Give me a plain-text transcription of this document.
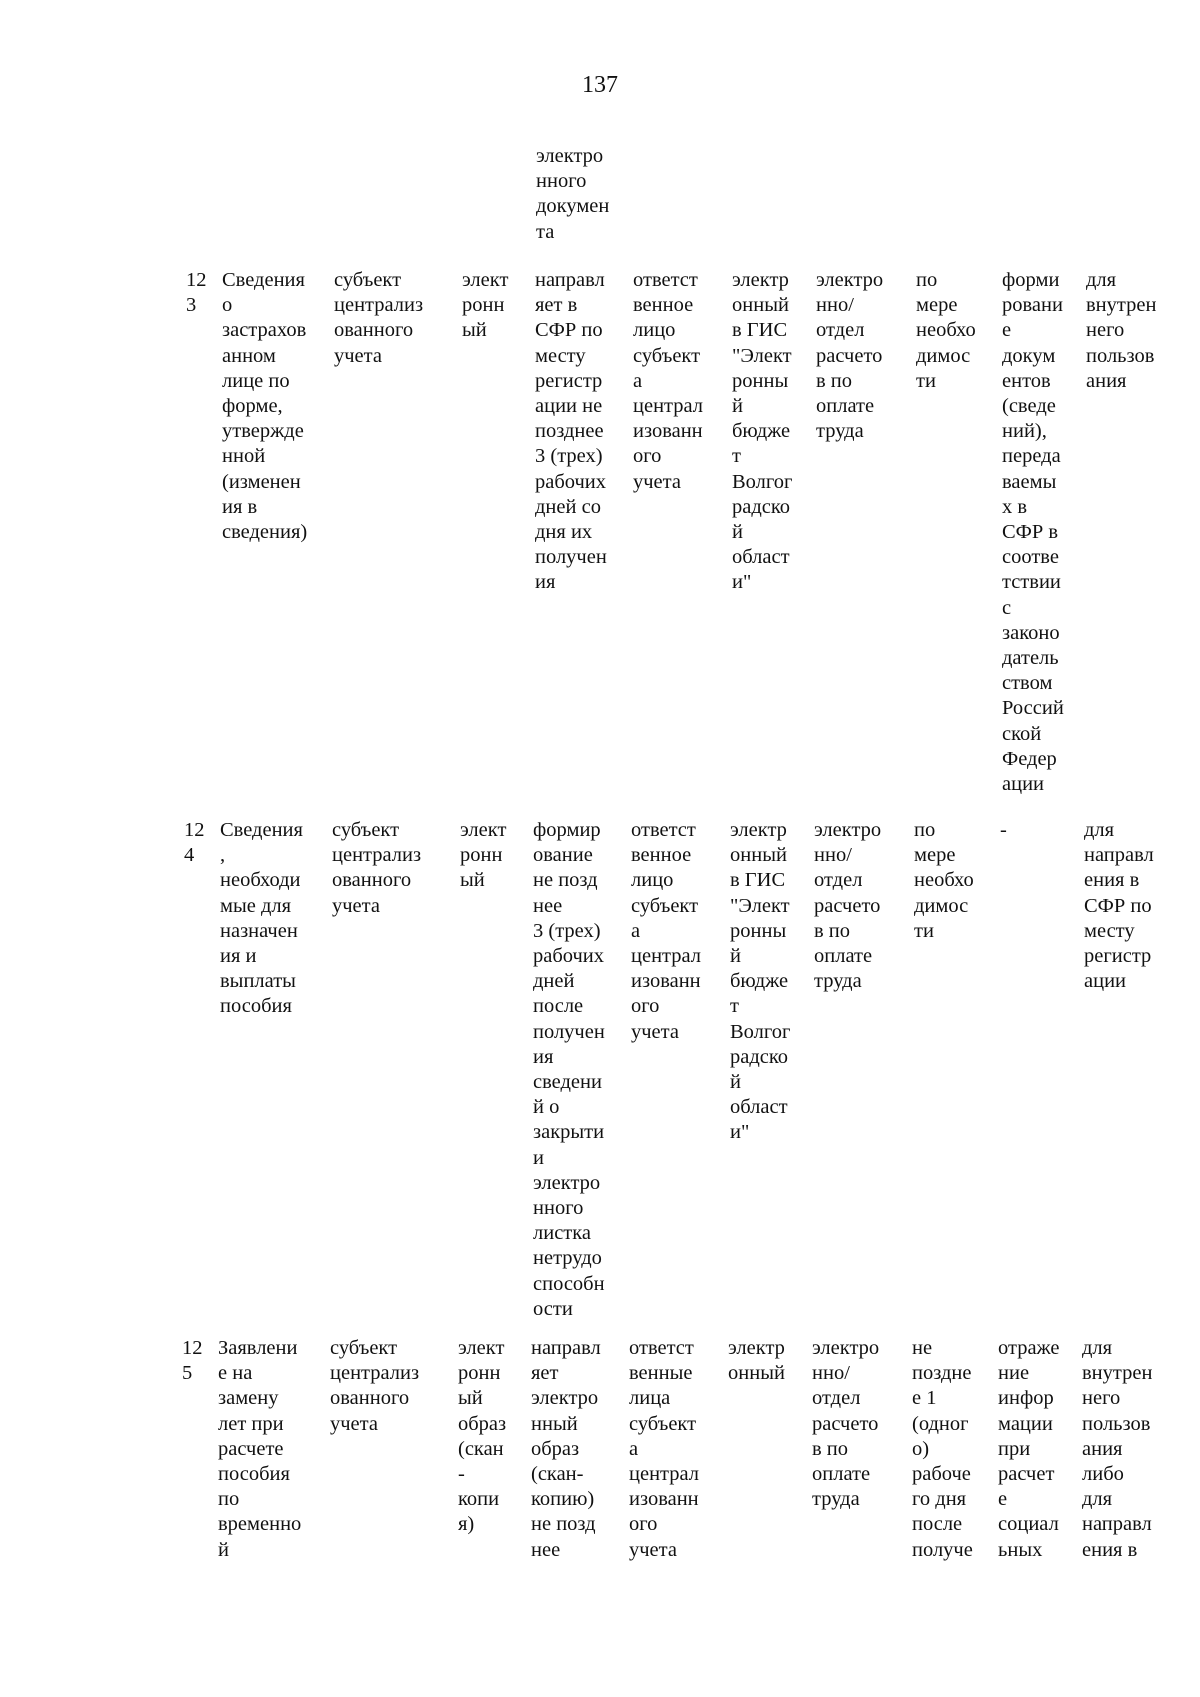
137
электро
нного
докумен
та
12
3
Сведения
о
застрахов
анном
лице по
форме,
утвержде
нной
(изменен
ия в
сведения)
субъект
централиз
ованного
учета
элект
ронн
ый
направл
яет в
СФР по
месту
регистр
ации не
позднее
3 (трех)
рабочих
дней со
дня их
получен
ия
ответст
венное
лицо
субъект
а
централ
изованн
ого
учета
электр
онный
в ГИС
"Элект
ронны
й
бюдже
т
Волгог
радско
й
област
и"
электро
нно/
отдел
расчето
в по
оплате
труда
по
мере
необхо
димос
ти
форми
ровани
е
докум
ентов
(сведе
ний),
переда
ваемы
х в
СФР в
соотве
тствии
с
законо
датель
ством
Россий
ской
Федер
ации
для
внутрен
него
пользов
ания
12
4
Сведения
,
необходи
мые для
назначен
ия и
выплаты
пособия
субъект
централиз
ованного
учета
элект
ронн
ый
формир
ование
не позд
нее
3 (трех)
рабочих
дней
после
получен
ия
сведени
й о
закрыти
и
электро
нного
листка
нетрудо
способн
ости
ответст
венное
лицо
субъект
а
централ
изованн
ого
учета
электр
онный
в ГИС
"Элект
ронны
й
бюдже
т
Волгог
радско
й
област
и"
электро
нно/
отдел
расчето
в по
оплате
труда
по
мере
необхо
димос
ти
-	для
направл
ения в
СФР по
месту
регистр
ации
12
5
Заявлени
е на
замену
лет при
расчете
пособия
по
временно
й
субъект
централиз
ованного
учета
элект
ронн
ый
образ
(скан
-
копи
я)
направл
яет
электро
нный
образ
(скан-
копию)
не позд
нее
ответст
венные
лица
субъект
а
централ
изованн
ого
учета
электр
онный
электро
нно/
отдел
расчето
в по
оплате
труда
не
поздне
е 1
(одног
о)
рабоче
го дня
после
получе
отраже
ние
инфор
мации
при
расчет
е
социал
ьных
для
внутрен
него
пользов
ания
либо
для
направл
ения в
